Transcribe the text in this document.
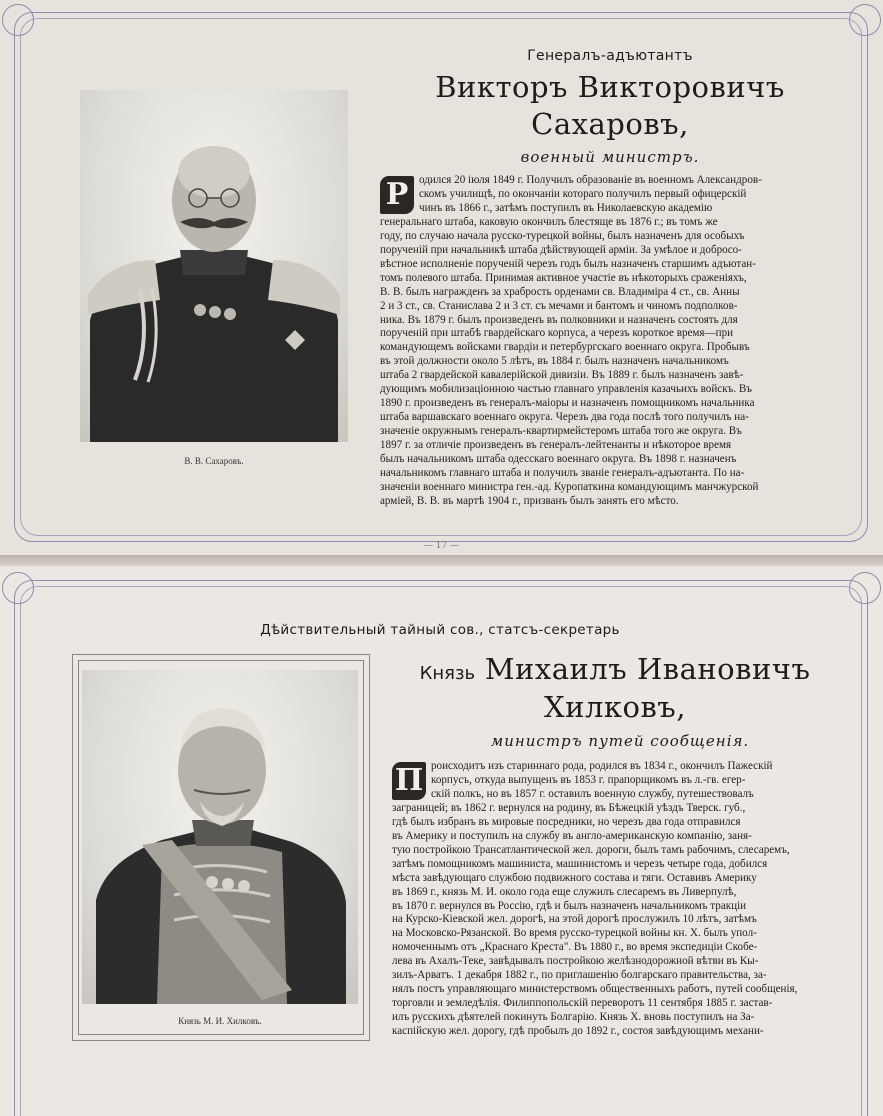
Генералъ-адъютантъ
Викторъ Викторовичъ
Сахаровъ,
военный министръ.
Р одился 20 іюля 1849 г. Получилъ образованіе въ военномъ Александров-
скомъ училищѣ, по окончаніи котораго получилъ первый офицерскій
чинъ въ 1866 г., затѣмъ поступилъ въ Николаевскую академію
генеральнаго штаба, каковую окончилъ блестяще въ 1876 г.; въ томъ же
году, по случаю начала русско-турецкой войны, былъ назначенъ для особыхъ
порученій при начальникѣ штаба дѣйствующей арміи. За умѣлое и доброcо-
вѣстное исполненіе порученій черезъ годъ былъ назначенъ старшимъ адъютан-
томъ полевого штаба. Принимая активное участіе въ нѣкоторыхъ сраженіяхъ,
В. В. былъ награжденъ за храбрость орденами св. Владиміра 4 ст., св. Анны
2 и 3 ст., св. Станислава 2 и 3 ст. съ мечами и бантомъ и чиномъ подполков-
ника. Въ 1879 г. былъ произведенъ въ полковники и назначенъ состоять для
порученій при штабѣ гвардейскаго корпуса, а черезъ короткое время—при
командующемъ войсками гвардіи и петербургскаго военнаго округа. Пробывъ
въ этой должности около 5 лѣтъ, въ 1884 г. былъ назначенъ начальникомъ
штаба 2 гвардейской кавалерійской дивизіи. Въ 1889 г. былъ назначенъ завѣ-
дующимъ мобилизаціонною частью главнаго управленія казачьихъ войскъ. Въ
1890 г. произведенъ въ генералъ-маіоры и назначенъ помощникомъ начальника
штаба варшавскаго военнаго округа. Черезъ два года послѣ того получилъ на-
значеніе окружнымъ генералъ-квартирмейстеромъ штаба того же округа. Въ
1897 г. за отличіе произведенъ въ генералъ-лейтенанты и нѣкоторое время
былъ начальникомъ штаба одесскаго военнаго округа. Въ 1898 г. назначенъ
начальникомъ главнаго штаба и получилъ званіе генералъ-адъютанта. По на-
значеніи военнаго министра ген.-ад. Куропаткина командующимъ манчжурской
арміей, В. В. въ мартѣ 1904 г., призванъ былъ занять его мѣсто.
В. В. Сахаровъ.
— 17 —
Дѣйствительный тайный сов., статсъ-секретарь
Князь Михаилъ Ивановичъ
Хилковъ,
министръ путей сообщенія.
П роисходитъ изъ стариннаго рода, родился въ 1834 г., окончилъ Пажескій
корпусъ, откуда выпущенъ въ 1853 г. прапорщикомъ въ л.-гв. егер-
скій полкъ, но въ 1857 г. оставилъ военную службу, путешествовалъ
заграницей; въ 1862 г. вернулся на родину, въ Бѣжецкій уѣздъ Тверск. губ.,
гдѣ былъ избранъ въ мировые посредники, но черезъ два года отправился
въ Америку и поступилъ на службу въ англо-американскую компанію, заня-
тую постройкою Трансатлантической жел. дороги, былъ тамъ рабочимъ, слесаремъ,
затѣмъ помощникомъ машиниста, машинистомъ и черезъ четыре года, добился
мѣста завѣдующаго службою подвижного состава и тяги. Оставивъ Америку
въ 1869 г., князь М. И. около года еще служилъ слесаремъ въ Ливерпулѣ,
въ 1870 г. вернулся въ Россію, гдѣ и былъ назначенъ начальникомъ тракціи
на Курско-Кіевской жел. дорогѣ, на этой дорогѣ прослужилъ 10 лѣтъ, затѣмъ
на Московско-Рязанской. Во время русско-турецкой войны кн. Х. былъ упол-
номоченнымъ отъ „Краснаго Креста". Въ 1880 г., во время экспедиціи Скобе-
лева въ Ахалъ-Теке, завѣдывалъ постройкою желѣзнодорожной вѣтви въ Кы-
зилъ-Арватъ. 1 декабря 1882 г., по приглашенію болгарскаго правительства, за-
нялъ постъ управляющаго министерствомъ общественныхъ работъ, путей сообщенія,
торговли и земледѣлія. Филиппопольскій переворотъ 11 сентября 1885 г. застав-
илъ русскихъ дѣятелей покинуть Болгарію. Князь Х. вновь поступилъ на За-
каспійскую жел. дорогу, гдѣ пробылъ до 1892 г., состоя завѣдующимъ механи-
Князь М. И. Хилковъ.
